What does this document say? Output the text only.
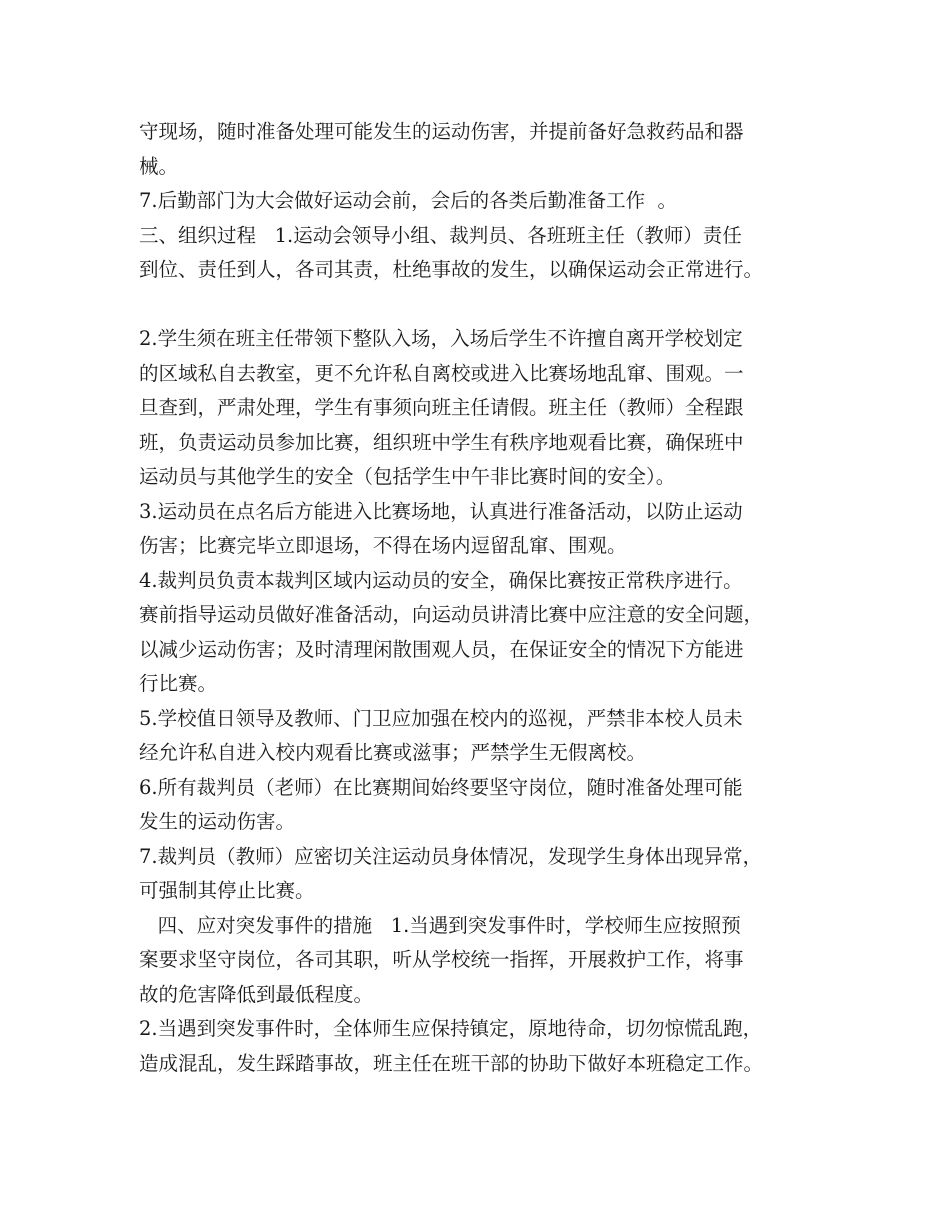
守现场，随时准备处理可能发生的运动伤害，并提前备好急救药品和器
械。
7.后勤部门为大会做好运动会前，会后的各类后勤准备工作  。
三、组织过程   1.运动会领导小组、裁判员、各班班主任（教师）责任
到位、责任到人，各司其责，杜绝事故的发生，以确保运动会正常进行。
2.学生须在班主任带领下整队入场，入场后学生不许擅自离开学校划定
的区域私自去教室，更不允许私自离校或进入比赛场地乱窜、围观。一
旦查到，严肃处理，学生有事须向班主任请假。班主任（教师）全程跟
班，负责运动员参加比赛，组织班中学生有秩序地观看比赛，确保班中
运动员与其他学生的安全（包括学生中午非比赛时间的安全）。
3.运动员在点名后方能进入比赛场地，认真进行准备活动，以防止运动
伤害；比赛完毕立即退场，不得在场内逗留乱窜、围观。
4.裁判员负责本裁判区域内运动员的安全，确保比赛按正常秩序进行。
赛前指导运动员做好准备活动，向运动员讲清比赛中应注意的安全问题，
以减少运动伤害；及时清理闲散围观人员，在保证安全的情况下方能进
行比赛。
5.学校值日领导及教师、门卫应加强在校内的巡视，严禁非本校人员未
经允许私自进入校内观看比赛或滋事；严禁学生无假离校。
6.所有裁判员（老师）在比赛期间始终要坚守岗位，随时准备处理可能
发生的运动伤害。
7.裁判员（教师）应密切关注运动员身体情况，发现学生身体出现异常，
可强制其停止比赛。
四、应对突发事件的措施   1.当遇到突发事件时，学校师生应按照预
案要求坚守岗位，各司其职，听从学校统一指挥，开展救护工作，将事
故的危害降低到最低程度。
2.当遇到突发事件时，全体师生应保持镇定，原地待命，切勿惊慌乱跑，
造成混乱，发生踩踏事故，班主任在班干部的协助下做好本班稳定工作。
